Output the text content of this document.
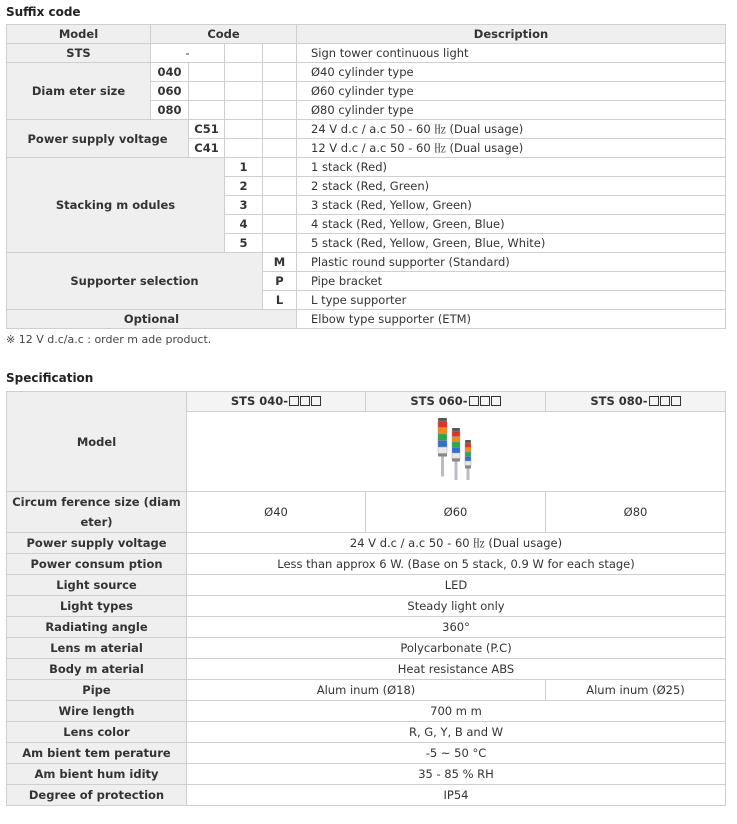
Suffix code
Model	Code				Description
STS	-				Sign tower continuous light
Diam eter size	040				Ø40 cylinder type
	060				Ø60 cylinder type
	080				Ø80 cylinder type
Power supply voltage		C51			24 V d.c / a.c 50 - 60 ㎐ (Dual usage)
		C41			12 V d.c / a.c 50 - 60 ㎐ (Dual usage)
Stacking m odules			1		1 stack (Red)
			2		2 stack (Red, Green)
			3		3 stack (Red, Yellow, Green)
			4		4 stack (Red, Yellow, Green, Blue)
			5		5 stack (Red, Yellow, Green, Blue, White)
Supporter selection				M	Plastic round supporter (Standard)
				P	Pipe bracket
				L	L type supporter
Optional					Elbow type supporter (ETM)
※ 12 V d.c/a.c : order m ade product.
Specification
Model	STS 040-	STS 060-	STS 080-

Circum ference size (diam eter)	Ø40	Ø60	Ø80
Power supply voltage	24 V d.c / a.c 50 - 60 ㎐ (Dual usage)		
Power consum ption	Less than approx 6 W. (Base on 5 stack, 0.9 W for each stage)		
Light source	LED		
Light types	Steady light only		
Radiating angle	360°		
Lens m aterial	Polycarbonate (P.C)		
Body m aterial	Heat resistance ABS		
Pipe	Alum inum (Ø18)		Alum inum (Ø25)
Wire length	700 m m		
Lens color	R, G, Y, B and W		
Am bient tem perature	-5 ~ 50 °C		
Am bient hum idity	35 - 85 % RH		
Degree of protection	IP54		
